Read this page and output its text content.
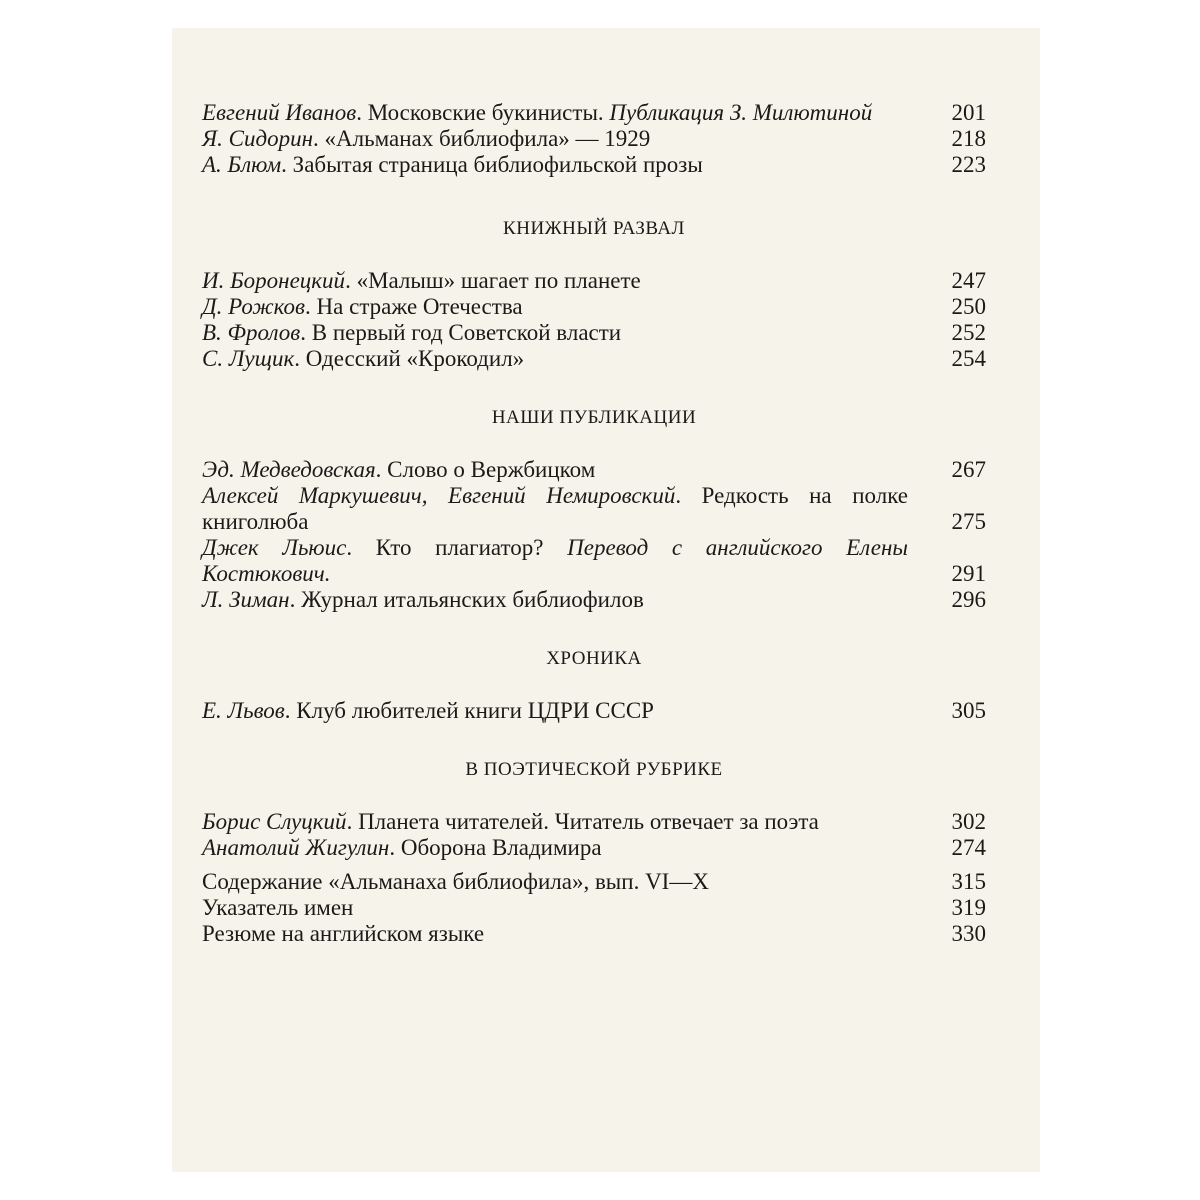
Евгений Иванов. Московские букинисты. Публикация З. Милютиной	201
Я. Сидорин. «Альманах библиофила» — 1929	218
А. Блюм. Забытая страница библиофильской прозы	223
КНИЖНЫЙ РАЗВАЛ
И. Боронецкий. «Малыш» шагает по планете	247
Д. Рожков. На страже Отечества	250
В. Фролов. В первый год Советской власти	252
С. Лущик. Одесский «Крокодил»	254
НАШИ ПУБЛИКАЦИИ
Эд. Медведовская. Слово о Вержбицком	267
Алексей Маркушевич, Евгений Немировский. Редкость на полке книголюба	275
Джек Льюис. Кто плагиатор? Перевод с английского Елены Костюкович.	291
Л. Зиман. Журнал итальянских библиофилов	296
ХРОНИКА
Е. Львов. Клуб любителей книги ЦДРИ СССР	305
В ПОЭТИЧЕСКОЙ РУБРИКЕ
Борис Слуцкий. Планета читателей. Читатель отвечает за поэта	302
Анатолий Жигулин. Оборона Владимира	274
Содержание «Альманаха библиофила», вып. VI—X	315
Указатель имен	319
Резюме на английском языке	330
